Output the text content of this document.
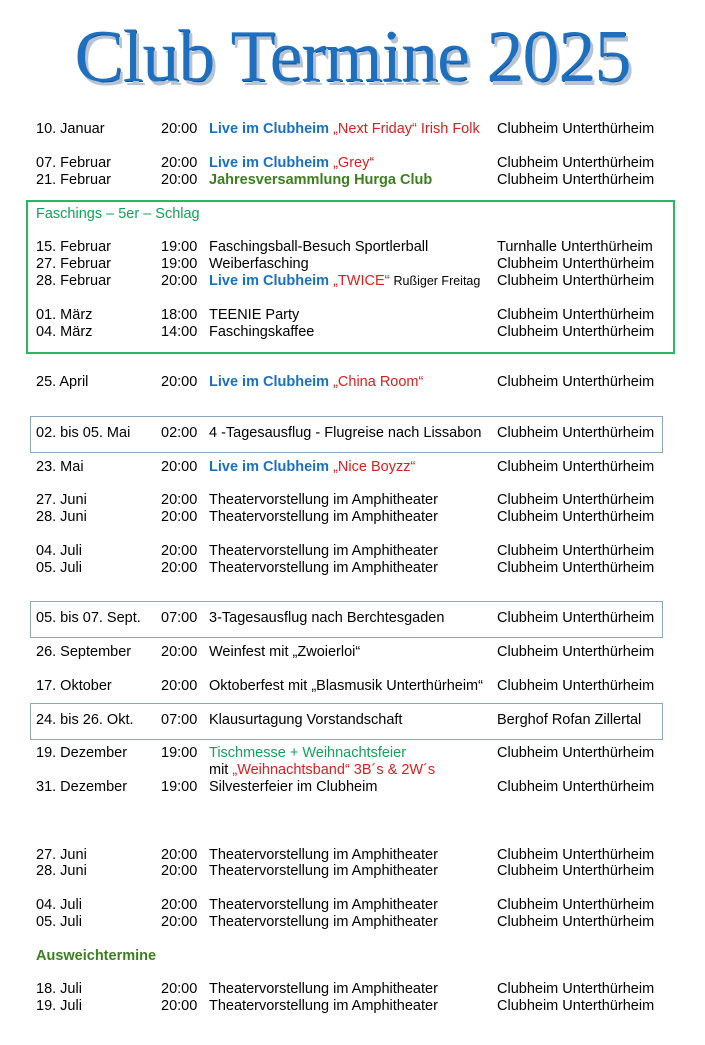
Club Termine 2025
10. Januar	20:00 Live im Clubheim „Next Friday“ Irish Folk Clubheim Unterthürheim
07. Februar	20:00 Live im Clubheim „Grey“	Clubheim Unterthürheim
21. Februar	20:00 Jahresversammlung Hurga Club	Clubheim Unterthürheim
Faschings – 5er – Schlag
15. Februar	19:00 Faschingsball-Besuch Sportlerball	Turnhalle Unterthürheim
27. Februar	19:00 Weiberfasching	Clubheim Unterthürheim
28. Februar	20:00 Live im Clubheim „TWICE“ Rußiger Freitag Clubheim Unterthürheim
01. März	18:00 TEENIE Party	Clubheim Unterthürheim
04. März	14:00 Faschingskaffee	Clubheim Unterthürheim
25. April	20:00 Live im Clubheim „China Room“	Clubheim Unterthürheim
02. bis 05. Mai 02:00 4 -Tagesausflug - Flugreise nach Lissabon Clubheim Unterthürheim
23. Mai	20:00 Live im Clubheim „Nice Boyzz“	Clubheim Unterthürheim
27. Juni	20:00 Theatervorstellung im Amphitheater	Clubheim Unterthürheim
28. Juni	20:00 Theatervorstellung im Amphitheater	Clubheim Unterthürheim
04. Juli	20:00 Theatervorstellung im Amphitheater	Clubheim Unterthürheim
05. Juli	20:00 Theatervorstellung im Amphitheater	Clubheim Unterthürheim
05. bis 07. Sept. 07:00 3-Tagesausflug nach Berchtesgaden	Clubheim Unterthürheim
26. September 20:00 Weinfest mit „Zwoierloi“	Clubheim Unterthürheim
17. Oktober	20:00 Oktoberfest mit „Blasmusik Unterthürheim“ Clubheim Unterthürheim
24. bis 26. Okt. 07:00 Klausurtagung Vorstandschaft	Berghof Rofan Zillertal
19. Dezember 19:00 Tischmesse + Weihnachtsfeier	Clubheim Unterthürheim
mit „Weihnachtsband“ 3B´s & 2W´s
31. Dezember 19:00 Silvesterfeier im Clubheim	Clubheim Unterthürheim
27. Juni	20:00 Theatervorstellung im Amphitheater	Clubheim Unterthürheim
28. Juni	20:00 Theatervorstellung im Amphitheater	Clubheim Unterthürheim
04. Juli	20:00 Theatervorstellung im Amphitheater	Clubheim Unterthürheim
05. Juli	20:00 Theatervorstellung im Amphitheater	Clubheim Unterthürheim
Ausweichtermine
18. Juli	20:00 Theatervorstellung im Amphitheater	Clubheim Unterthürheim
19. Juli	20:00 Theatervorstellung im Amphitheater	Clubheim Unterthürheim
